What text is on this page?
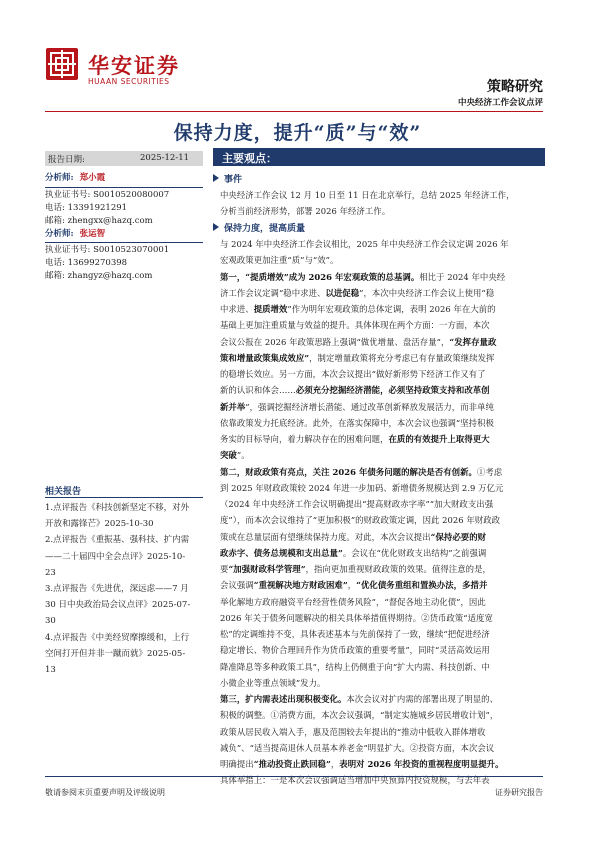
华安证券
HUAAN SECURITIES	策略研究
中央经济工作会议点评
保持力度，提升“质”与“效”
报告日期:	2025-12-11
分析师: 郑小霞
执业证书号: S0010520080007
电话: 13391921291
邮箱: zhengxx@hazq.com
分析师: 张运智
执业证书号: S0010523070001
电话: 13699270398
邮箱: zhangyz@hazq.com
相关报告
1.点评报告《科技创新坚定不移，对外
开放和露锋芒》2025-10-30
2.点评报告《重振基、强科技、扩内需
——二十届四中全会点评》2025-10-
23
3.点评报告《先进优，深远虑——7 月
30 日中央政治局会议点评》2025-07-
30
4.点评报告《中美经贸摩擦缓和，上行
空间打开但并非一蹴而就》2025-05-
13
主要观点：
事件
中央经济工作会议 12 月 10 日至 11 日在北京举行，总结 2025 年经济工作，
分析当前经济形势，部署 2026 年经济工作。
保持力度，提高质量
与 2024 年中央经济工作会议相比，2025 年中央经济工作会议定调 2026 年
宏观政策更加注重“质”与“效”。
第一，“提质增效”成为 2026 年宏观政策的总基调。相比于 2024 年中央经
济工作会议定调“稳中求进、以进促稳”，本次中央经济工作会议上使用“稳
中求进、提质增效”作为明年宏观政策的总体定调，表明 2026 年在大前的
基础上更加注重质量与效益的提升。具体体现在两个方面：一方面，本次
会议公报在 2026 年政策思路上强调“做优增量、盘活存量”，“发挥存量政
策和增量政策集成效应”，制定增量政策将充分考虑已有存量政策继续发挥
的稳增长效应。另一方面，本次会议提出“做好新形势下经济工作又有了
新的认识和体会……必须充分挖掘经济潜能，必须坚持政策支持和改革创
新并举”，强调挖掘经济增长潜能、通过改革创新释放发展活力，而非单纯
依靠政策发力托底经济。此外，在落实保障中，本次会议也强调“坚持积极
务实的目标导向，着力解决存在的困难问题，在质的有效提升上取得更大
突破”。
第二，财政政策有亮点，关注 2026 年债务问题的解决是否有创新。①考虑
到 2025 年财政政策较 2024 年进一步加码、新增债务规模达到 2.9 万亿元
（2024 年中央经济工作会议明确提出“提高财政赤字率”“加大财政支出强
度”），而本次会议维持了“更加积极”的财政政策定调，因此 2026 年财政政
策或在总量层面有望继续保持力度。对此，本次会议提出“保持必要的财
政赤字、债务总规模和支出总量”。会议在“优化财政支出结构”之前强调
要“加强财政科学管理”，指向更加重视财政政策的效果。值得注意的是，
会议强调“重视解决地方财政困难”，“优化债务重组和置换办法，多措并
举化解地方政府融资平台经营性债务风险”，“督促各地主动化债”，因此
2026 年关于债务问题解决的相关具体举措值得期待。②货币政策“适度宽
松”的定调维持不变，具体表述基本与先前保持了一致，继续“把促进经济
稳定增长、物价合理回升作为货币政策的重要考量”，同时“灵活高效运用
降准降息等多种政策工具”，结构上仍侧重于向“扩大内需、科技创新、中
小微企业等重点领域”发力。
第三，扩内需表述出现积极变化。本次会议对扩内需的部署出现了明显的、
积极的调整。①消费方面，本次会议强调，“制定实施城乡居民增收计划”，
政策从居民收入端入手，惠及范围较去年提出的“推动中低收入群体增收
减负”、“适当提高退休人员基本养老金”明显扩大。②投资方面，本次会议
明确提出“推动投资止跌回稳”，表明对 2026 年投资的重视程度明显提升。
具体举措上：一是本次会议强调适当增加中央预算内投资规模，与去年表
敬请参阅末页重要声明及评级说明	证券研究报告
